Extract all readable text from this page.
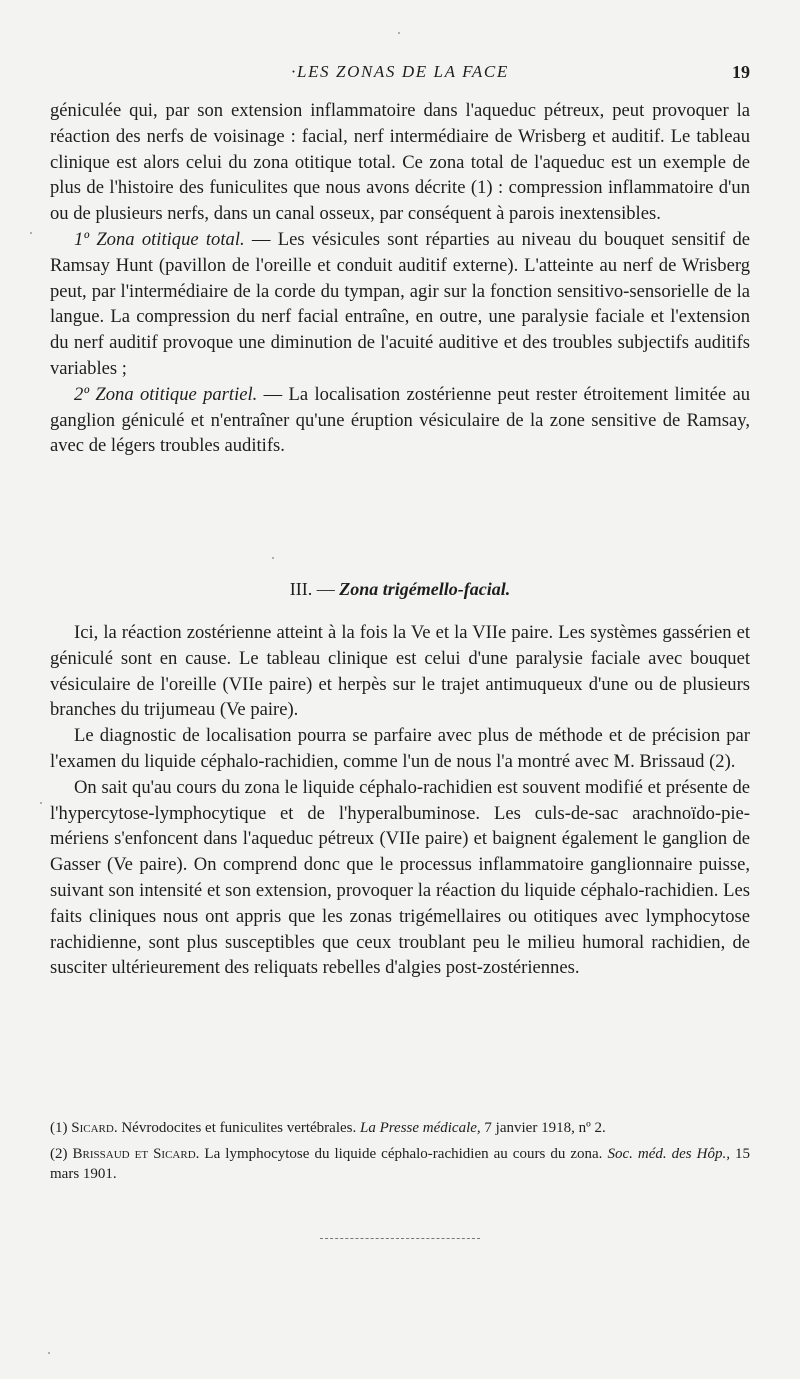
·LES ZONAS DE LA FACE	19

géniculée qui, par son extension inflammatoire dans l'aqueduc pétreux, peut provoquer la réaction des nerfs de voisinage : facial, nerf intermédiaire de Wrisberg et auditif. Le tableau clinique est alors celui du zona otitique total. Ce zona total de l'aqueduc est un exemple de plus de l'histoire des funiculites que nous avons décrite (1) : compression inflammatoire d'un ou de plusieurs nerfs, dans un canal osseux, par conséquent à parois inextensibles.

1º Zona otitique total. — Les vésicules sont réparties au niveau du bouquet sensitif de Ramsay Hunt (pavillon de l'oreille et conduit auditif externe). L'atteinte au nerf de Wrisberg peut, par l'intermédiaire de la corde du tympan, agir sur la fonction sensitivo-sensorielle de la langue. La compression du nerf facial entraîne, en outre, une paralysie faciale et l'extension du nerf auditif provoque une diminution de l'acuité auditive et des troubles subjectifs auditifs variables ;

2º Zona otitique partiel. — La localisation zostérienne peut rester étroitement limitée au ganglion géniculé et n'entraîner qu'une éruption vésiculaire de la zone sensitive de Ramsay, avec de légers troubles auditifs.

III. — Zona trigémello-facial.

Ici, la réaction zostérienne atteint à la fois la Ve et la VIIe paire. Les systèmes gassérien et géniculé sont en cause. Le tableau clinique est celui d'une paralysie faciale avec bouquet vésiculaire de l'oreille (VIIe paire) et herpès sur le trajet antimuqueux d'une ou de plusieurs branches du trijumeau (Ve paire).

Le diagnostic de localisation pourra se parfaire avec plus de méthode et de précision par l'examen du liquide céphalo-rachidien, comme l'un de nous l'a montré avec M. Brissaud (2).

On sait qu'au cours du zona le liquide céphalo-rachidien est souvent modifié et présente de l'hypercytose-lymphocytique et de l'hyperalbuminose. Les culs-de-sac arachnoïdo-pie-mériens s'enfoncent dans l'aqueduc pétreux (VIIe paire) et baignent également le ganglion de Gasser (Ve paire). On comprend donc que le processus inflammatoire ganglionnaire puisse, suivant son intensité et son extension, provoquer la réaction du liquide céphalo-rachidien. Les faits cliniques nous ont appris que les zonas trigémellaires ou otitiques avec lymphocytose rachidienne, sont plus susceptibles que ceux troublant peu le milieu humoral rachidien, de susciter ultérieurement des reliquats rebelles d'algies post-zostériennes.

(1) Sicard. Névrodocites et funiculites vertébrales. La Presse médicale, 7 janvier 1918, nº 2.

(2) Brissaud et Sicard. La lymphocytose du liquide céphalo-rachidien au cours du zona. Soc. méd. des Hôp., 15 mars 1901.
